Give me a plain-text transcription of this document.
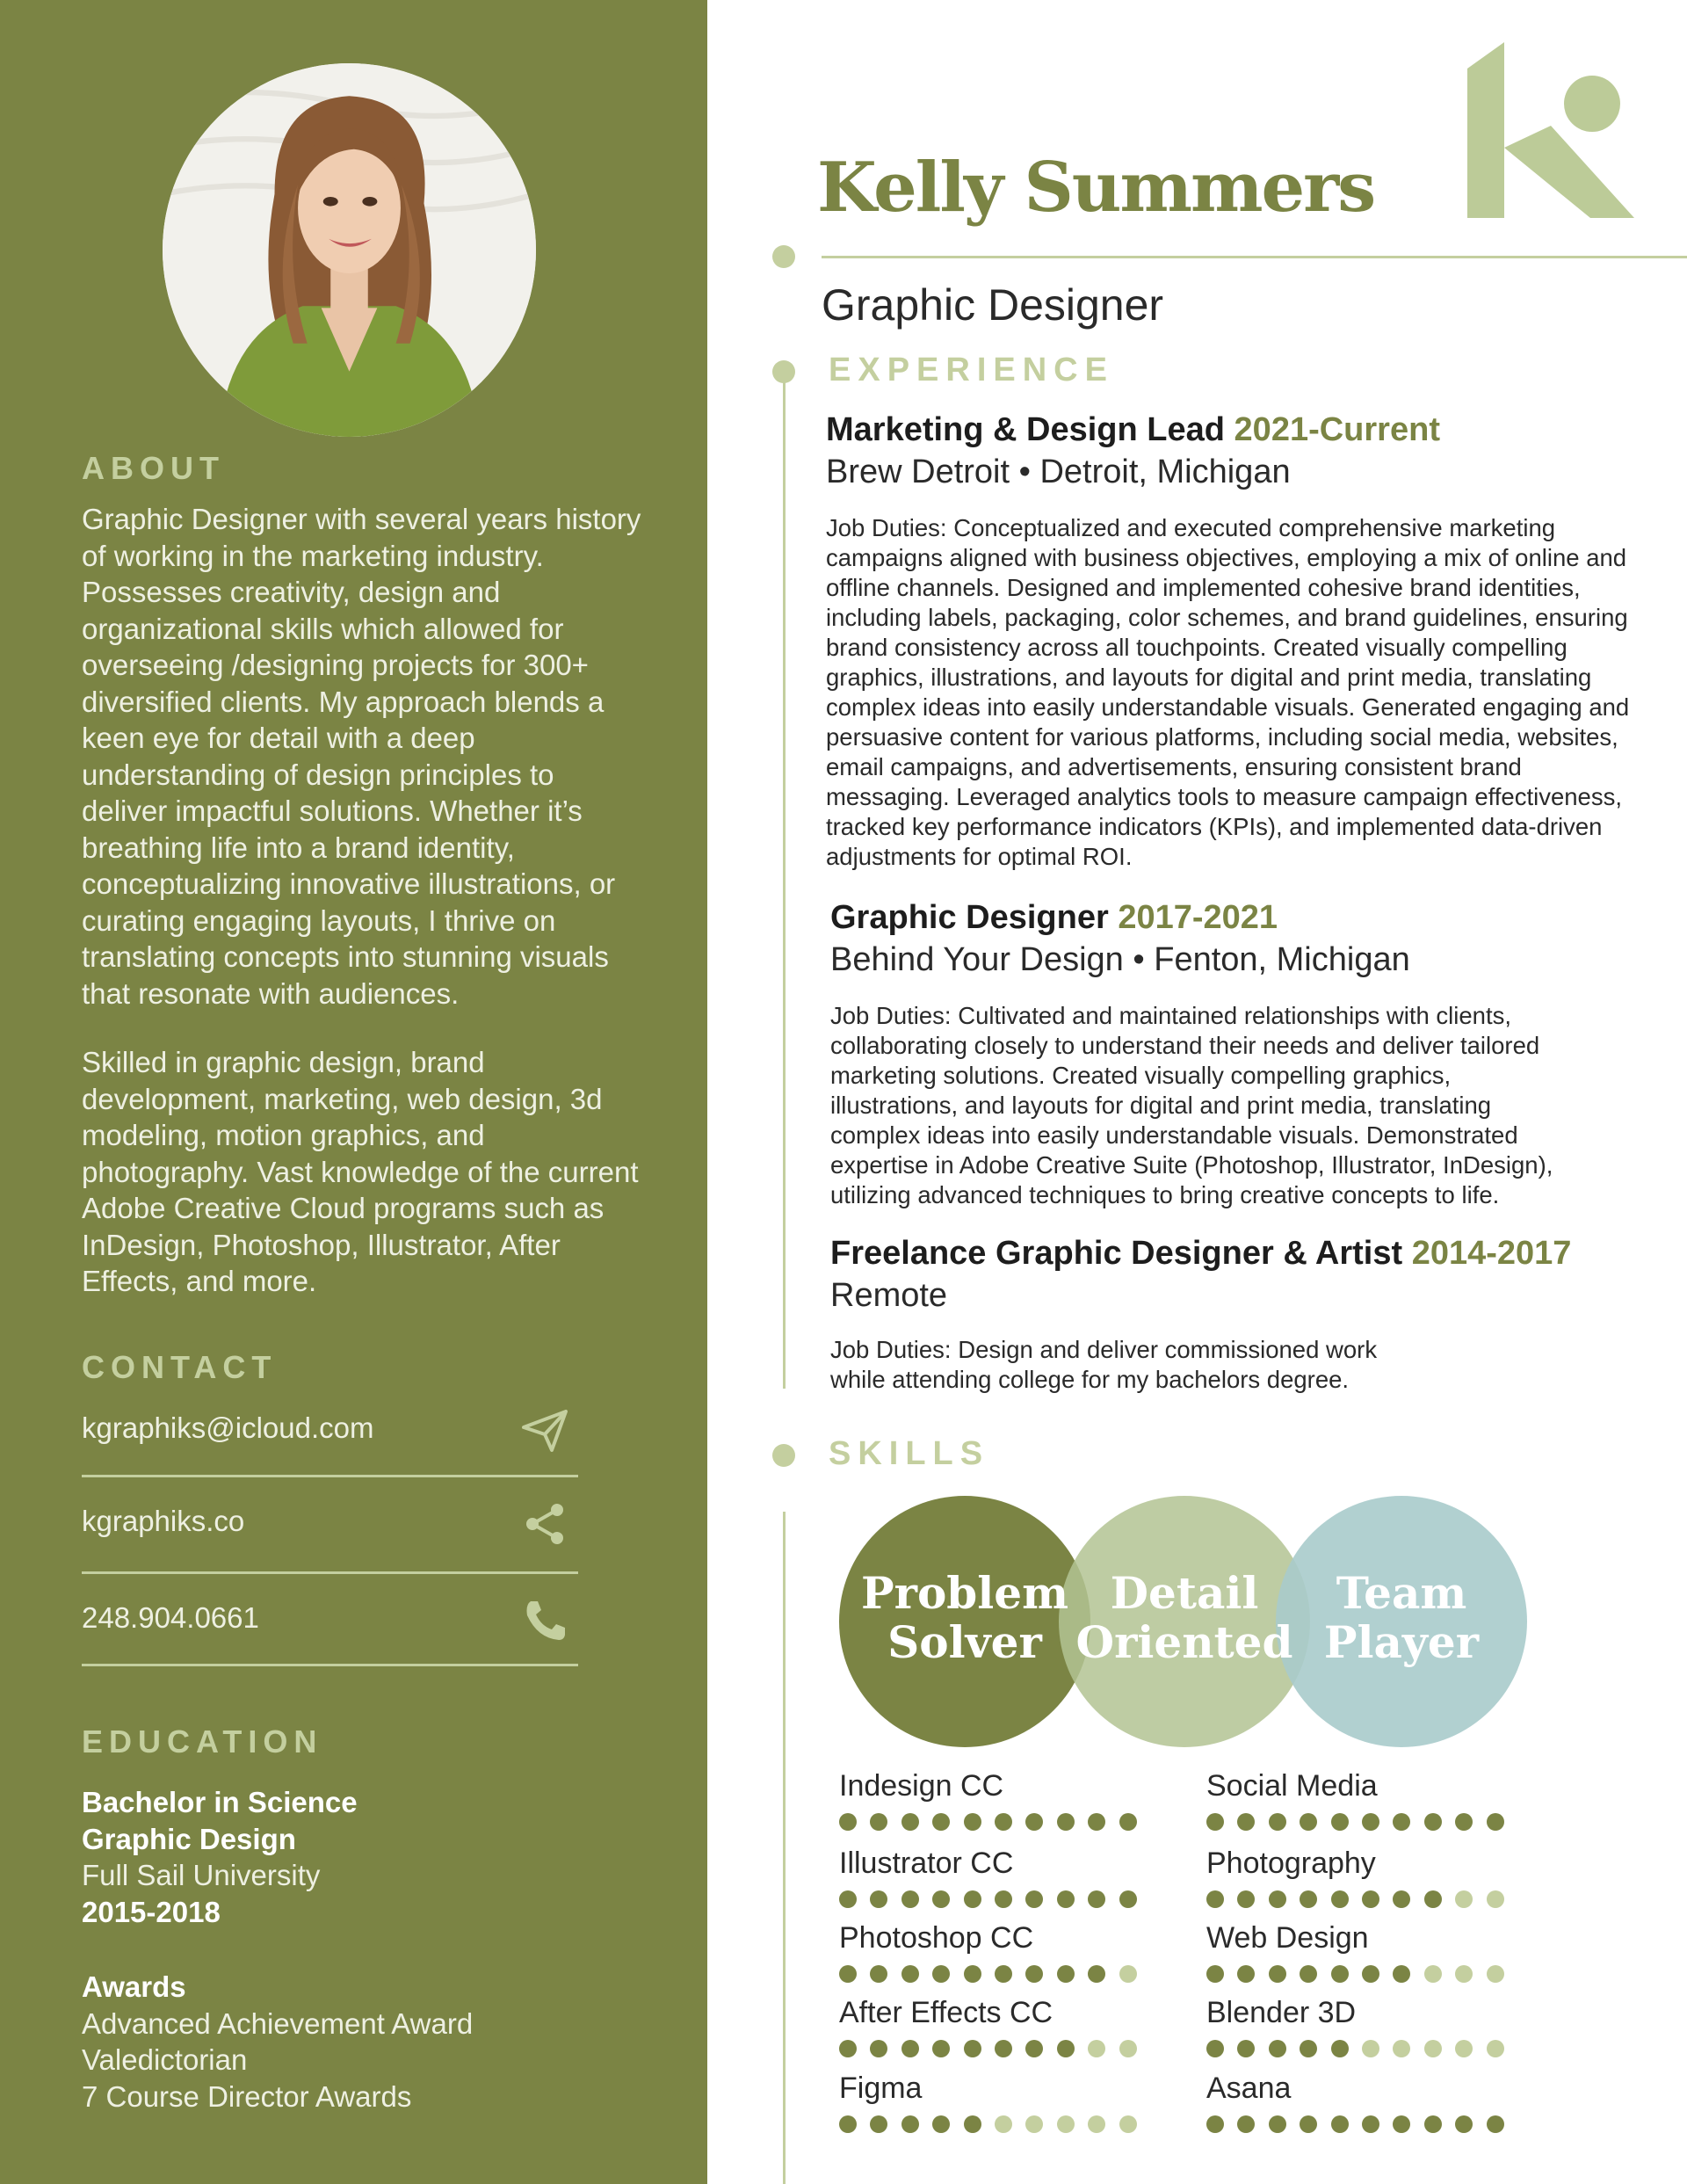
ABOUT
Graphic Designer with several years history of working in the marketing industry. Possesses creativity, design and organizational skills which allowed for overseeing /designing projects for 300+ diversified clients. My approach blends a keen eye for detail with a deep understanding of design principles to deliver impactful solutions. Whether it’s breathing life into a brand identity, conceptualizing innovative illustrations, or curating engaging layouts, I thrive on translating concepts into stunning visuals that resonate with audiences.
Skilled in graphic design, brand development, marketing, web design, 3d modeling, motion graphics, and photography. Vast knowledge of the current Adobe Creative Cloud programs such as InDesign, Photoshop, Illustrator, After Effects, and more.
CONTACT
kgraphiks@icloud.com
kgraphiks.co
248.904.0661
EDUCATION
Bachelor in Science
Graphic Design
Full Sail University
2015-2018
Awards
Advanced Achievement Award
Valedictorian
7 Course Director Awards
Kelly Summers
Graphic Designer
EXPERIENCE
Marketing & Design Lead 2021-Current
Brew Detroit • Detroit, Michigan
Job Duties: Conceptualized and executed comprehensive marketing campaigns aligned with business objectives, employing a mix of online and offline channels. Designed and implemented cohesive brand identities, including labels, packaging, color schemes, and brand guidelines, ensuring brand consistency across all touchpoints. Created visually compelling graphics, illustrations, and layouts for digital and print media, translating complex ideas into easily understandable visuals. Generated engaging and persuasive content for various platforms, including social media, websites, email campaigns, and advertisements, ensuring consistent brand messaging. Leveraged analytics tools to measure campaign effectiveness, tracked key performance indicators (KPIs), and implemented data-driven adjustments for optimal ROI.
Graphic Designer 2017-2021
Behind Your Design • Fenton, Michigan
Job Duties: Cultivated and maintained relationships with clients, collaborating closely to understand their needs and deliver tailored marketing solutions. Created visually compelling graphics, illustrations, and layouts for digital and print media, translating complex ideas into easily understandable visuals. Demonstrated expertise in Adobe Creative Suite (Photoshop, Illustrator, InDesign), utilizing advanced techniques to bring creative concepts to life.
Freelance Graphic Designer & Artist 2014-2017
Remote
Job Duties: Design and deliver commissioned work while attending college for my bachelors degree.
SKILLS
Problem
Solver
Detail
Oriented
Team
Player
Indesign CC	Social Media
Illustrator CC	Photography
Photoshop CC	Web Design
After Effects CC	Blender 3D
Figma	Asana
